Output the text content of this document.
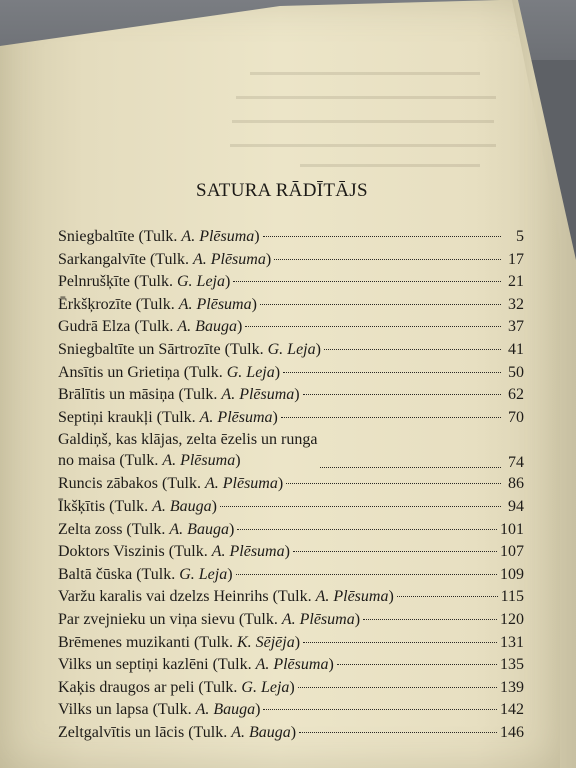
SATURA RĀDĪTĀJS
Sniegbaltīte (Tulk. A. Plēsuma)	5
Sarkangalvīte (Tulk. A. Plēsuma)	17
Pelnrušķīte (Tulk. G. Leja)	21
Ērkšķrozīte (Tulk. A. Plēsuma)	32
Gudrā Elza (Tulk. A. Bauga)	37
Sniegbaltīte un Sārtrozīte (Tulk. G. Leja)	41
Ansītis un Grietiņa (Tulk. G. Leja)	50
Brālītis un māsiņa (Tulk. A. Plēsuma)	62
Septiņi kraukļi (Tulk. A. Plēsuma)	70
Galdiņš, kas klājas, zelta ēzelis un runga
no maisa (Tulk. A. Plēsuma)	74
Runcis zābakos (Tulk. A. Plēsuma)	86
Īkšķītis (Tulk. A. Bauga)	94
Zelta zoss (Tulk. A. Bauga)	101
Doktors Viszinis (Tulk. A. Plēsuma)	107
Baltā čūska (Tulk. G. Leja)	109
Varžu karalis vai dzelzs Heinrihs (Tulk. A. Plēsuma)	115
Par zvejnieku un viņa sievu (Tulk. A. Plēsuma)	120
Brēmenes muzikanti (Tulk. K. Sējēja)	131
Vilks un septiņi kazlēni (Tulk. A. Plēsuma)	135
Kaķis draugos ar peli (Tulk. G. Leja)	139
Vilks un lapsa (Tulk. A. Bauga)	142
Zeltgalvītis un lācis (Tulk. A. Bauga)	146
